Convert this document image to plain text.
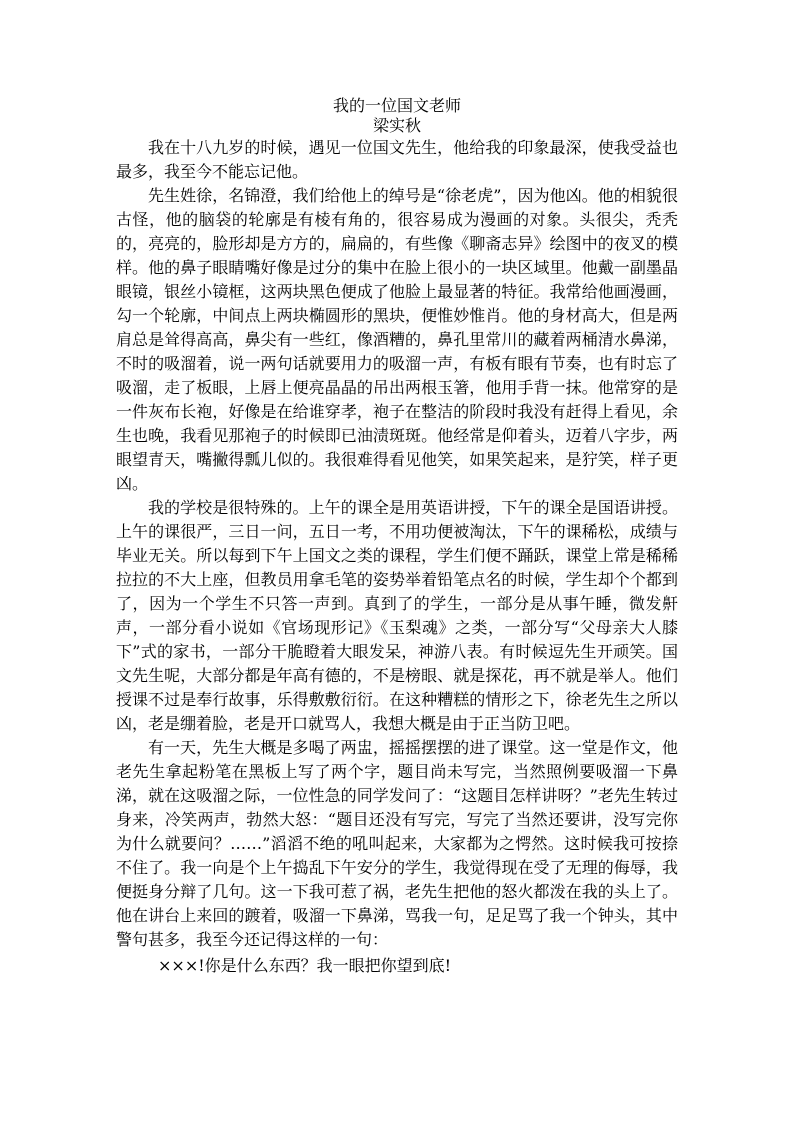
我的一位国文老师
梁实秋

我在十八九岁的时候，遇见一位国文先生，他给我的印象最深，使我受益也最多，我至今不能忘记他。

先生姓徐，名锦澄，我们给他上的绰号是“徐老虎”，因为他凶。他的相貌很古怪，他的脑袋的轮廓是有棱有角的，很容易成为漫画的对象。头很尖，秃秃的，亮亮的，脸形却是方方的，扁扁的，有些像《聊斋志异》绘图中的夜叉的模样。他的鼻子眼睛嘴好像是过分的集中在脸上很小的一块区域里。他戴一副墨晶眼镜，银丝小镜框，这两块黑色便成了他脸上最显著的特征。我常给他画漫画，勾一个轮廓，中间点上两块椭圆形的黑块，便惟妙惟肖。他的身材高大，但是两肩总是耸得高高，鼻尖有一些红，像酒糟的，鼻孔里常川的藏着两桶清水鼻涕，不时的吸溜着，说一两句话就要用力的吸溜一声，有板有眼有节奏，也有时忘了吸溜，走了板眼，上唇上便亮晶晶的吊出两根玉箸，他用手背一抹。他常穿的是一件灰布长袍，好像是在给谁穿孝，袍子在整洁的阶段时我没有赶得上看见，余生也晚，我看见那袍子的时候即已油渍斑斑。他经常是仰着头，迈着八字步，两眼望青天，嘴撇得瓢儿似的。我很难得看见他笑，如果笑起来，是狞笑，样子更凶。

我的学校是很特殊的。上午的课全是用英语讲授，下午的课全是国语讲授。上午的课很严，三日一问，五日一考，不用功便被淘汰，下午的课稀松，成绩与毕业无关。所以每到下午上国文之类的课程，学生们便不踊跃，课堂上常是稀稀拉拉的不大上座，但教员用拿毛笔的姿势举着铅笔点名的时候，学生却个个都到了，因为一个学生不只答一声到。真到了的学生，一部分是从事午睡，微发鼾声，一部分看小说如《官场现形记》《玉梨魂》之类，一部分写“父母亲大人膝下”式的家书，一部分干脆瞪着大眼发呆，神游八表。有时候逗先生开顽笑。国文先生呢，大部分都是年高有德的，不是榜眼、就是探花，再不就是举人。他们授课不过是奉行故事，乐得敷敷衍衍。在这种糟糕的情形之下，徐老先生之所以凶，老是绷着脸，老是开口就骂人，我想大概是由于正当防卫吧。

有一天，先生大概是多喝了两盅，摇摇摆摆的进了课堂。这一堂是作文，他老先生拿起粉笔在黑板上写了两个字，题目尚未写完，当然照例要吸溜一下鼻涕，就在这吸溜之际，一位性急的同学发问了：“这题目怎样讲呀？”老先生转过身来，冷笑两声，勃然大怒：“题目还没有写完，写完了当然还要讲，没写完你为什么就要问？……”滔滔不绝的吼叫起来，大家都为之愕然。这时候我可按捺不住了。我一向是个上午捣乱下午安分的学生，我觉得现在受了无理的侮辱，我便挺身分辩了几句。这一下我可惹了祸，老先生把他的怒火都泼在我的头上了。他在讲台上来回的踱着，吸溜一下鼻涕，骂我一句，足足骂了我一个钟头，其中警句甚多，我至今还记得这样的一句：

×××!你是什么东西？我一眼把你望到底!
